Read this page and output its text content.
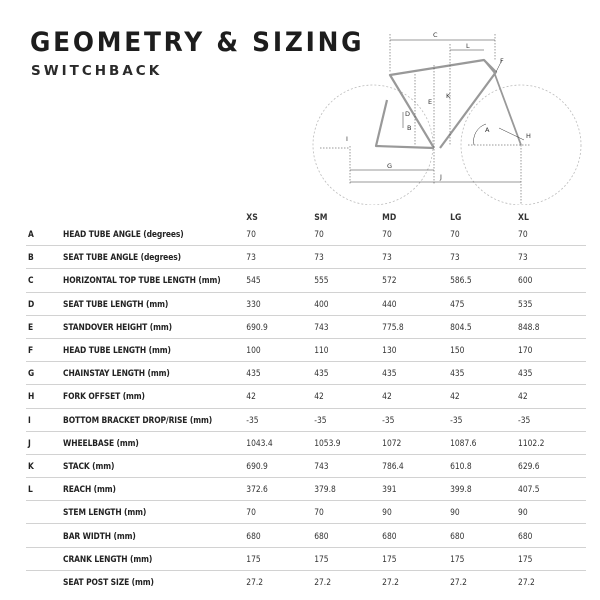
GEOMETRY & SIZING
SWITCHBACK
C
L
F
K
E
D
B
I
G
J
A
H
		XS	SM	MD	LG	XL
A	HEAD TUBE ANGLE (degrees)	70	70	70	70	70
B	SEAT TUBE ANGLE (degrees)	73	73	73	73	73
C	HORIZONTAL TOP TUBE LENGTH (mm)	545	555	572	586.5	600
D	SEAT TUBE LENGTH (mm)	330	400	440	475	535
E	STANDOVER HEIGHT (mm)	690.9	743	775.8	804.5	848.8
F	HEAD TUBE LENGTH (mm)	100	110	130	150	170
G	CHAINSTAY LENGTH (mm)	435	435	435	435	435
H	FORK OFFSET (mm)	42	42	42	42	42
I	BOTTOM BRACKET DROP/RISE (mm)	-35	-35	-35	-35	-35
J	WHEELBASE (mm)	1043.4	1053.9	1072	1087.6	1102.2
K	STACK (mm)	690.9	743	786.4	610.8	629.6
L	REACH (mm)	372.6	379.8	391	399.8	407.5
	STEM LENGTH (mm)	70	70	90	90	90
	BAR WIDTH (mm)	680	680	680	680	680
	CRANK LENGTH (mm)	175	175	175	175	175
	SEAT POST SIZE (mm)	27.2	27.2	27.2	27.2	27.2
